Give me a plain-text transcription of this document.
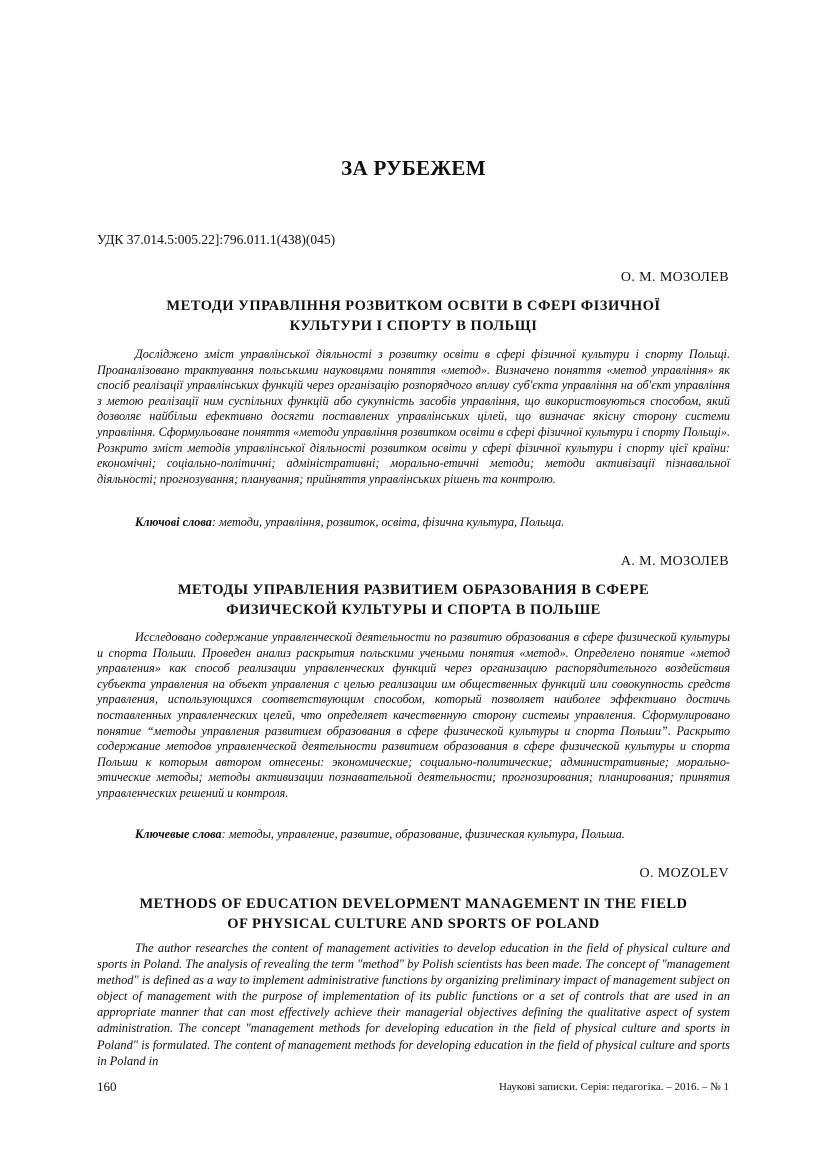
ЗА РУБЕЖЕМ
УДК 37.014.5:005.22]:796.011.1(438)(045)
О. М. МОЗОЛЕВ
МЕТОДИ УПРАВЛІННЯ РОЗВИТКОМ ОСВІТИ В СФЕРІ ФІЗИЧНОЇ
КУЛЬТУРИ І СПОРТУ В ПОЛЬЩІ

Досліджено зміст управлінської діяльності з розвитку освіти в сфері фізичної культури і спорту Польщі. Проаналізовано трактування польськими науковцями поняття «метод». Визначено поняття «метод управління» як спосіб реалізації управлінських функцій через організацію розпорядчого впливу суб'єкта управління на об'єкт управління з метою реалізації ним суспільних функцій або сукупність засобів управління, що використовуються способом, який дозволяє найбільш ефективно досягти поставлених управлінських цілей, що визначає якісну сторону системи управління. Сформульоване поняття «методи управління розвитком освіти в сфері фізичної культури і спорту Польщі». Розкрито зміст методів управлінської діяльності розвитком освіти у сфері фізичної культури і спорту цієї країни: економічні; соціально-політичні; адміністративні; морально-етичні методи; методи активізації пізнавальної діяльності; прогнозування; планування; прийняття управлінських рішень та контролю.

Ключові слова: методи, управління, розвиток, освіта, фізична культура, Польща.
А. М. МОЗОЛЕВ
МЕТОДЫ УПРАВЛЕНИЯ РАЗВИТИЕМ ОБРАЗОВАНИЯ В СФЕРЕ
ФИЗИЧЕСКОЙ КУЛЬТУРЫ И СПОРТА В ПОЛЬШЕ

Исследовано содержание управленческой деятельности по развитию образования в сфере физической культуры и спорта Польши. Проведен анализ раскрытия польскими учеными понятия «метод». Определено понятие «метод управления» как способ реализации управленческих функций через организацию распорядительного воздействия субъекта управления на объект управления с целью реализации им общественных функций или совокупность средств управления, использующихся соответствующим способом, который позволяет наиболее эффективно достичь поставленных управленческих целей, что определяет качественную сторону системы управления. Сформулировано понятие “методы управления развитием образования в сфере физической культуры и спорта Польши”. Раскрыто содержание методов управленческой деятельности развитием образования в сфере физической культуры и спорта Польши к которым автором отнесены: экономические; социально-политические; административные; морально-этические методы; методы активизации познавательной деятельности; прогнозирования; планирования; принятия управленческих решений и контроля.

Ключевые слова: методы, управление, развитие, образование, физическая культура, Польша.
O. MOZOLEV
METHODS OF EDUCATION DEVELOPMENT MANAGEMENT IN THE FIELD
OF PHYSICAL CULTURE AND SPORTS OF POLAND

The author researches the content of management activities to develop education in the field of physical culture and sports in Poland. The analysis of revealing the term "method" by Polish scientists has been made. The concept of "management method" is defined as a way to implement administrative functions by organizing preliminary impact of management subject on object of management with the purpose of implementation of its public functions or a set of controls that are used in an appropriate manner that can most effectively achieve their managerial objectives defining the qualitative aspect of system administration. The concept "management methods for developing education in the field of physical culture and sports in Poland" is formulated. The content of management methods for developing education in the field of physical culture and sports in Poland in

160	Наукові записки. Серія: педагогіка. – 2016. – № 1
